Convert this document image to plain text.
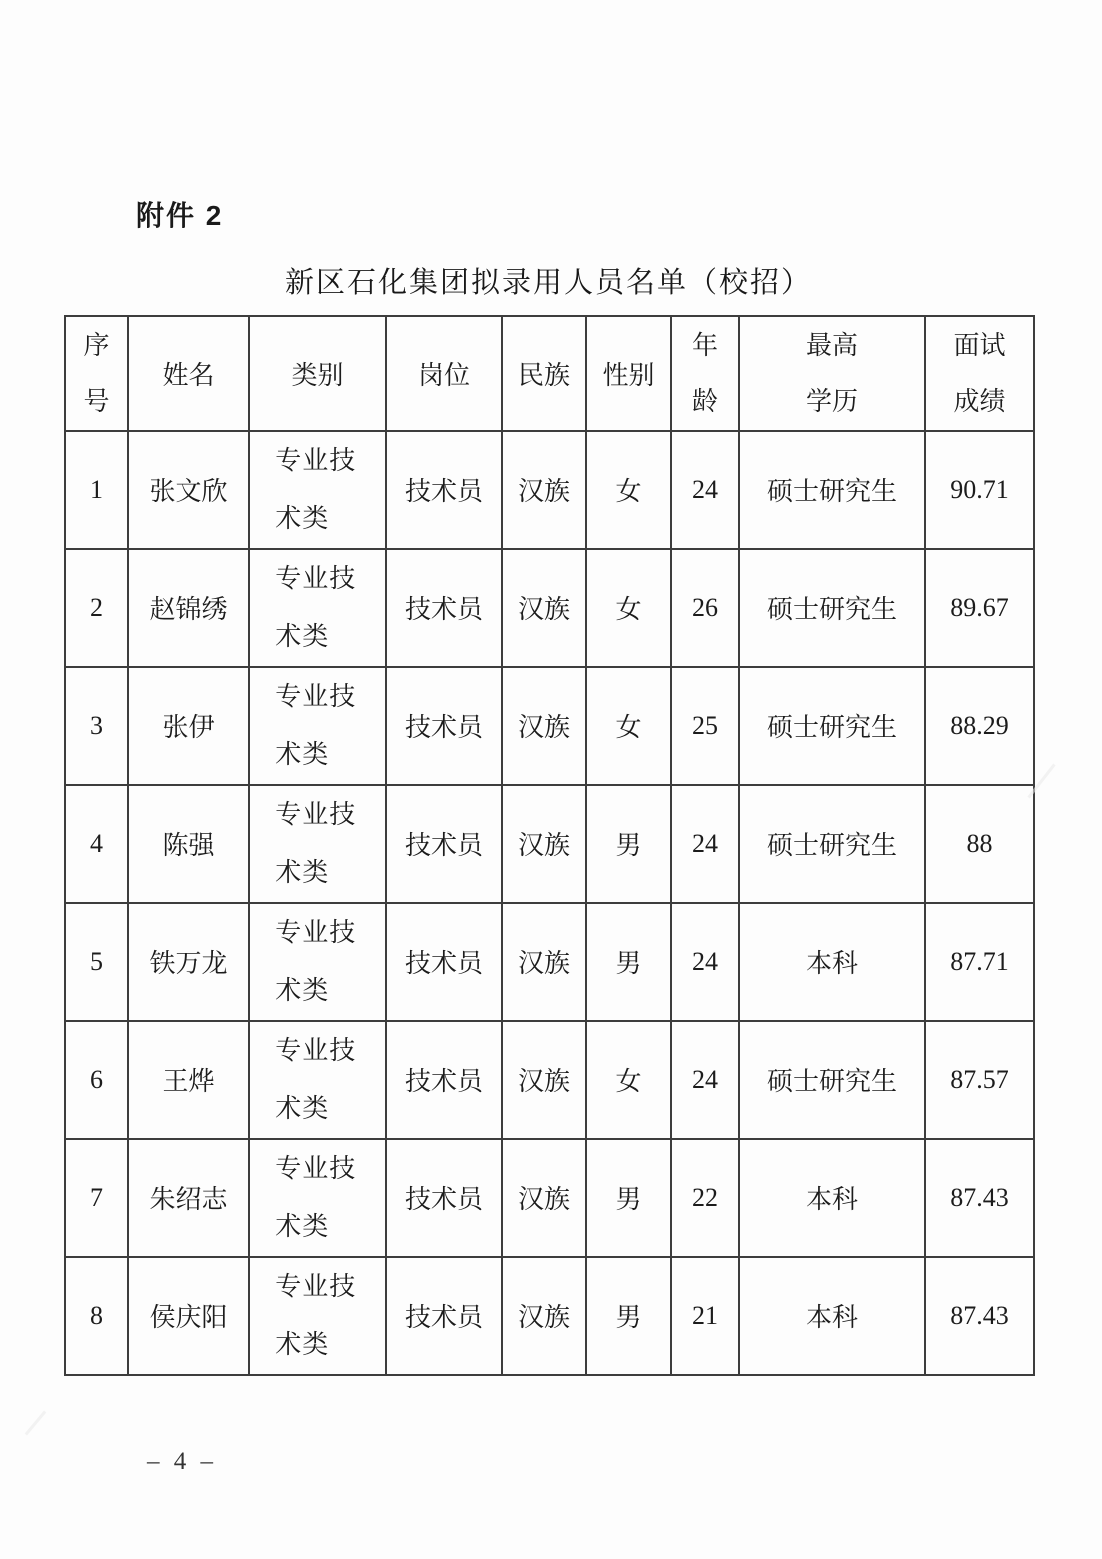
附件 2
新区石化集团拟录用人员名单（校招）
序号	姓名	类别	岗位	民族	性别	年龄	最高学历	面试成绩
1	张文欣	专业技术类	技术员	汉族	女	24	硕士研究生	90.71
2	赵锦绣	专业技术类	技术员	汉族	女	26	硕士研究生	89.67
3	张伊	专业技术类	技术员	汉族	女	25	硕士研究生	88.29
4	陈强	专业技术类	技术员	汉族	男	24	硕士研究生	88
5	铁万龙	专业技术类	技术员	汉族	男	24	本科	87.71
6	王烨	专业技术类	技术员	汉族	女	24	硕士研究生	87.57
7	朱绍志	专业技术类	技术员	汉族	男	22	本科	87.43
8	侯庆阳	专业技术类	技术员	汉族	男	21	本科	87.43
– 4 –
